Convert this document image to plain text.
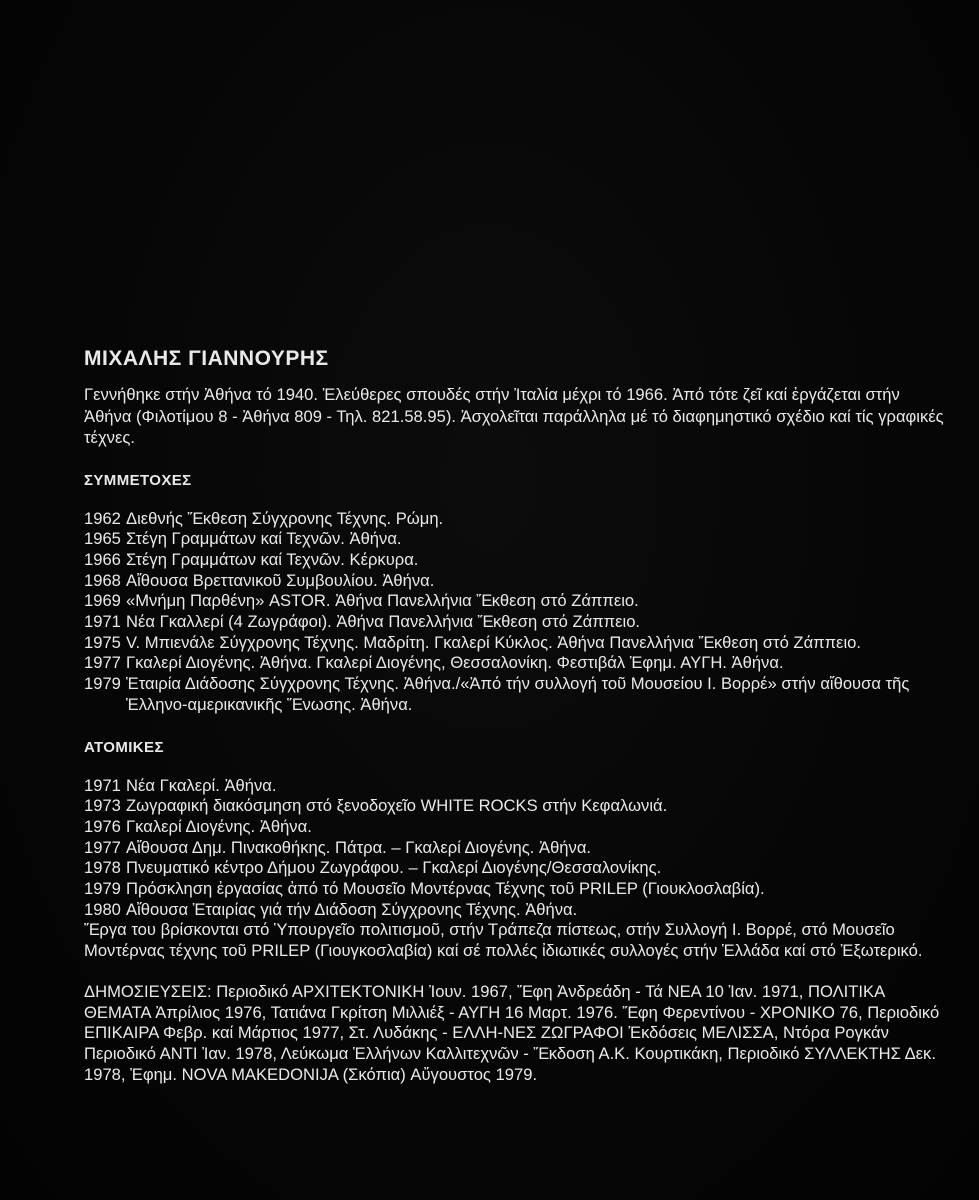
ΜΙΧΑΛΗΣ ΓΙΑΝΝΟΥΡΗΣ

Γεννήθηκε στήν Ἀθήνα τό 1940. Ἐλεύθερες σπουδές στήν Ἰταλία μέχρι τό 1966. Ἀπό τότε ζεῖ καί ἐργάζεται στήν Ἀθήνα (Φιλοτίμου 8 - Ἀθήνα 809 - Τηλ. 821.58.95). Ἀσχολεῖται παράλληλα μέ τό διαφημηστικό σχέδιο καί τίς γραφικές τέχνες.

ΣΥΜΜΕΤΟΧΕΣ
1962 Διεθνής Ἔκθεση Σύγχρονης Τέχνης. Ρώμη.
1965 Στέγη Γραμμάτων καί Τεχνῶν. Ἀθήνα.
1966 Στέγη Γραμμάτων καί Τεχνῶν. Κέρκυρα.
1968 Αἴθουσα Βρεττανικοῦ Συμβουλίου. Ἀθήνα.
1969 «Μνήμη Παρθένη» ASTOR. Ἀθήνα Πανελλήνια Ἔκθεση στό Ζάππειο.
1971 Νέα Γκαλλερί (4 Ζωγράφοι). Ἀθήνα Πανελλήνια Ἔκθεση στό Ζάππειο.
1975 V. Μπιενάλε Σύγχρονης Τέχνης. Μαδρίτη. Γκαλερί Κύκλος. Ἀθήνα Πανελλήνια Ἔκθεση στό Ζάππειο.
1977 Γκαλερί Διογένης. Ἀθήνα. Γκαλερί Διογένης, Θεσσαλονίκη. Φεστιβάλ Ἐφημ. ΑΥΓΗ. Ἀθήνα.
1979 Ἑταιρία Διάδοσης Σύγχρονης Τέχνης. Ἀθήνα./«Ἀπό τήν συλλογή τοῦ Μουσείου Ι. Βορρέ» στήν αἴθουσα τῆς Ἑλληνο-αμερικανικῆς Ἕνωσης. Ἀθήνα.
ΑΤΟΜΙΚΕΣ
1971 Νέα Γκαλερί. Ἀθήνα.
1973 Ζωγραφική διακόσμηση στό ξενοδοχεῖο WHITE ROCKS στήν Κεφαλωνιά.
1976 Γκαλερί Διογένης. Ἀθήνα.
1977 Αἴθουσα Δημ. Πινακοθήκης. Πάτρα. – Γκαλερί Διογένης. Ἀθήνα.
1978 Πνευματικό κέντρο Δήμου Ζωγράφου. – Γκαλερί Διογένης/Θεσσαλονίκης.
1979 Πρόσκληση ἐργασίας ἀπό τό Μουσεῖο Μοντέρνας Τέχνης τοῦ PRILEP (Γιουκλοσλαβία).
1980 Αἴθουσα Ἑταιρίας γιά τήν Διάδοση Σύγχρονης Τέχνης. Ἀθήνα.

Ἔργα του βρίσκονται στό Ὑπουργεῖο πολιτισμοῦ, στήν Τράπεζα πίστεως, στήν Συλλογή Ι. Βορρέ, στό Μουσεῖο Μοντέρνας τέχνης τοῦ PRILEP (Γιουγκοσλαβία) καί σέ πολλές ἰδιωτικές συλλογές στήν Ἑλλάδα καί στό Ἐξωτερικό.

ΔΗΜΟΣΙΕΥΣΕΙΣ: Περιοδικό ΑΡΧΙΤΕΚΤΟΝΙΚΗ Ἰουν. 1967, Ἔφη Ἀνδρεάδη - Τά ΝΕΑ 10 Ἰαν. 1971, ΠΟΛΙΤΙΚΑ ΘΕΜΑΤΑ Ἀπρίλιος 1976, Τατιάνα Γκρίτση Μιλλιέξ - ΑΥΓΗ 16 Μαρτ. 1976. Ἔφη Φερεντίνου - ΧΡΟΝΙΚΟ 76, Περιοδικό ΕΠΙΚΑΙΡΑ Φεβρ. καί Μάρτιος 1977, Στ. Λυδάκης - ΕΛΛΗ-ΝΕΣ ΖΩΓΡΑΦΟΙ Ἐκδόσεις ΜΕΛΙΣΣΑ, Ντόρα Ρογκάν Περιοδικό ΑΝΤΙ Ἰαν. 1978, Λεύκωμα Ἑλλήνων Καλλιτεχνῶν - Ἔκδοση Α.Κ. Κουρτικάκη, Περιοδικό ΣΥΛΛΕΚΤΗΣ Δεκ. 1978, Ἐφημ. NOVA MAKEDONIJA (Σκόπια) Αὔγουστος 1979.
